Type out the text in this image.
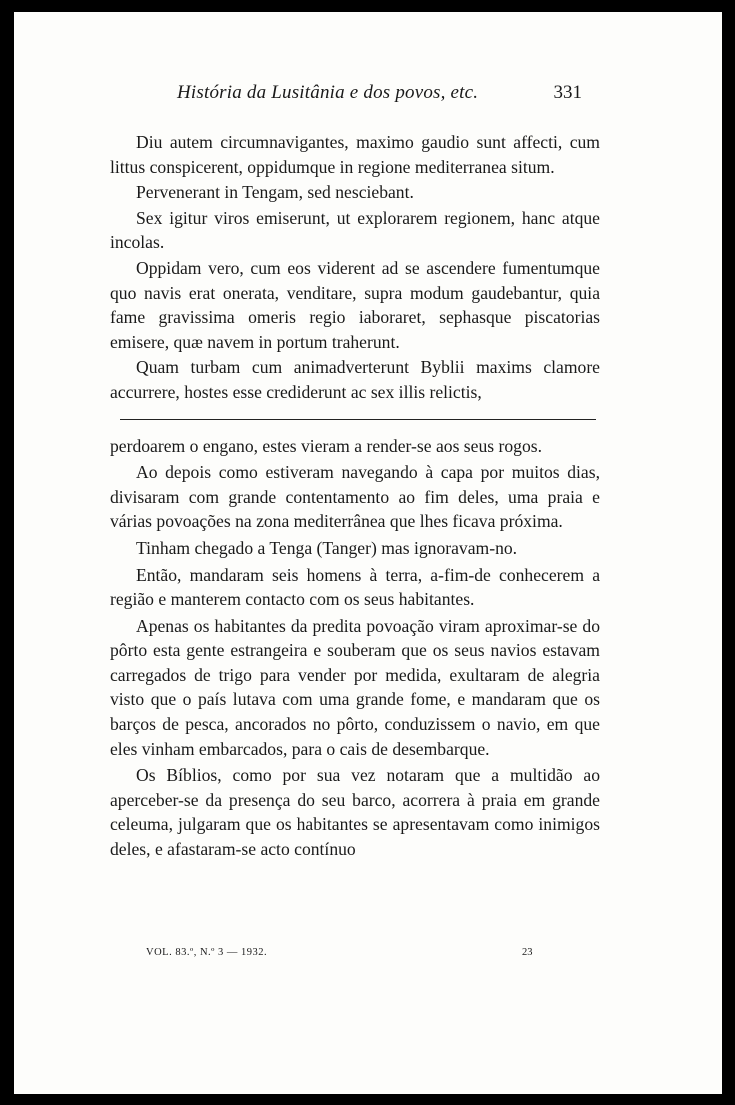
História da Lusitânia e dos povos, etc.	331

Diu autem circumnavigantes, maximo gaudio sunt affecti, cum littus conspicerent, oppidumque in regione mediterranea situm.

Pervenerant in Tengam, sed nesciebant.

Sex igitur viros emiserunt, ut explorarem regionem, hanc atque incolas.

Oppidam vero, cum eos viderent ad se ascendere fumentumque quo navis erat onerata, venditare, supra modum gaudebantur, quia fame gravissima omeris regio iaboraret, sephasque piscatorias emisere, quæ navem in portum traherunt.

Quam turbam cum animadverterunt Byblii maxims clamore accurrere, hostes esse crediderunt ac sex illis relictis,

perdoarem o engano, estes vieram a render-se aos seus rogos.

Ao depois como estiveram navegando à capa por muitos dias, divisaram com grande contentamento ao fim deles, uma praia e várias povoações na zona mediterrânea que lhes ficava próxima.

Tinham chegado a Tenga (Tanger) mas ignoravam-no.

Então, mandaram seis homens à terra, a-fim-de conhecerem a região e manterem contacto com os seus habitantes.

Apenas os habitantes da predita povoação viram aproximar-se do pôrto esta gente estrangeira e souberam que os seus navios estavam carregados de trigo para vender por medida, exultaram de alegria visto que o país lutava com uma grande fome, e mandaram que os barços de pesca, ancorados no pôrto, conduzissem o navio, em que eles vinham embarcados, para o cais de desembarque.

Os Bíblios, como por sua vez notaram que a multidão ao aperceber-se da presença do seu barco, acorrera à praia em grande celeuma, julgaram que os habitantes se apresentavam como inimigos deles, e afastaram-se acto contínuo

VOL. 83.º, N.º 3 — 1932.	23
